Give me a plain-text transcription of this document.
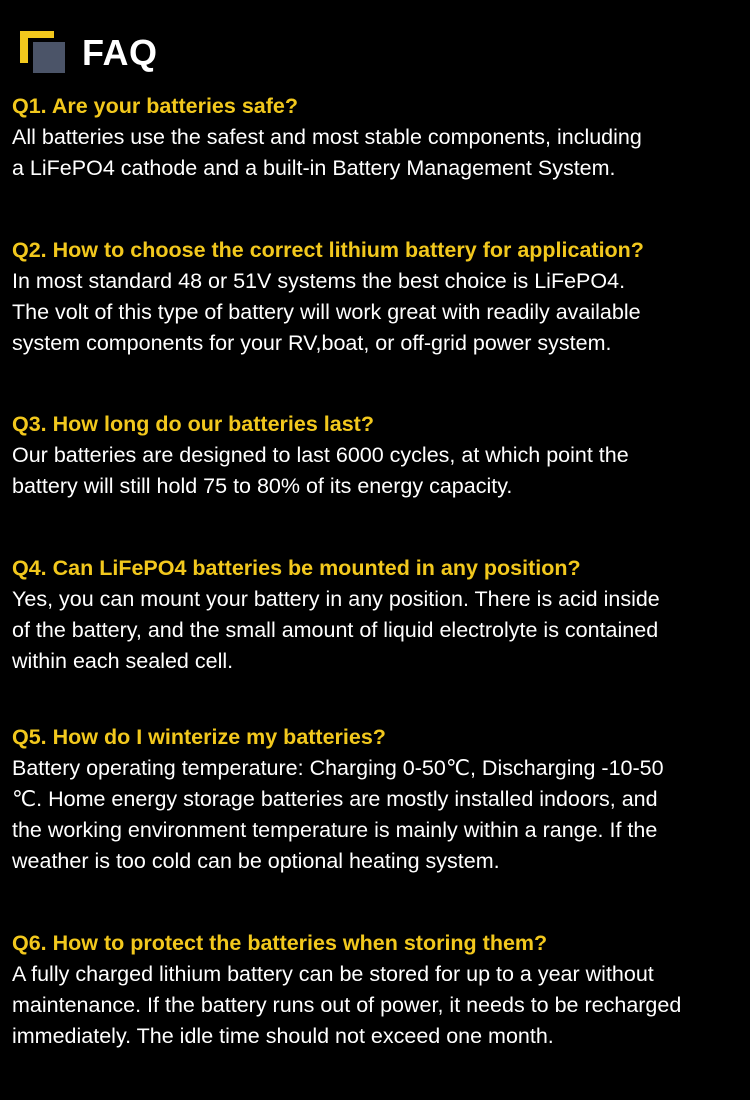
FAQ
Q1. Are your batteries safe?
All batteries use the safest and most stable components, including
a LiFePO4 cathode and a built-in Battery Management System.
Q2. How to choose the correct lithium battery for application?
In most standard 48 or 51V systems the best choice is LiFePO4.
The volt of this type of battery will work great with readily available
system components for your RV,boat, or off-grid power system.
Q3. How long do our batteries last?
Our batteries are designed to last 6000 cycles, at which point the
battery will still hold 75 to 80% of its energy capacity.
Q4. Can LiFePO4 batteries be mounted in any position?
Yes, you can mount your battery in any position. There is acid inside
of the battery, and the small amount of liquid electrolyte is contained
within each sealed cell.
Q5. How do I winterize my batteries?
Battery operating temperature: Charging 0-50℃, Discharging -10-50
℃. Home energy storage batteries are mostly installed indoors, and
the working environment temperature is mainly within a range. If the
weather is too cold can be optional heating system.
Q6. How to protect the batteries when storing them?
A fully charged lithium battery can be stored for up to a year without
maintenance. If the battery runs out of power, it needs to be recharged
immediately. The idle time should not exceed one month.
